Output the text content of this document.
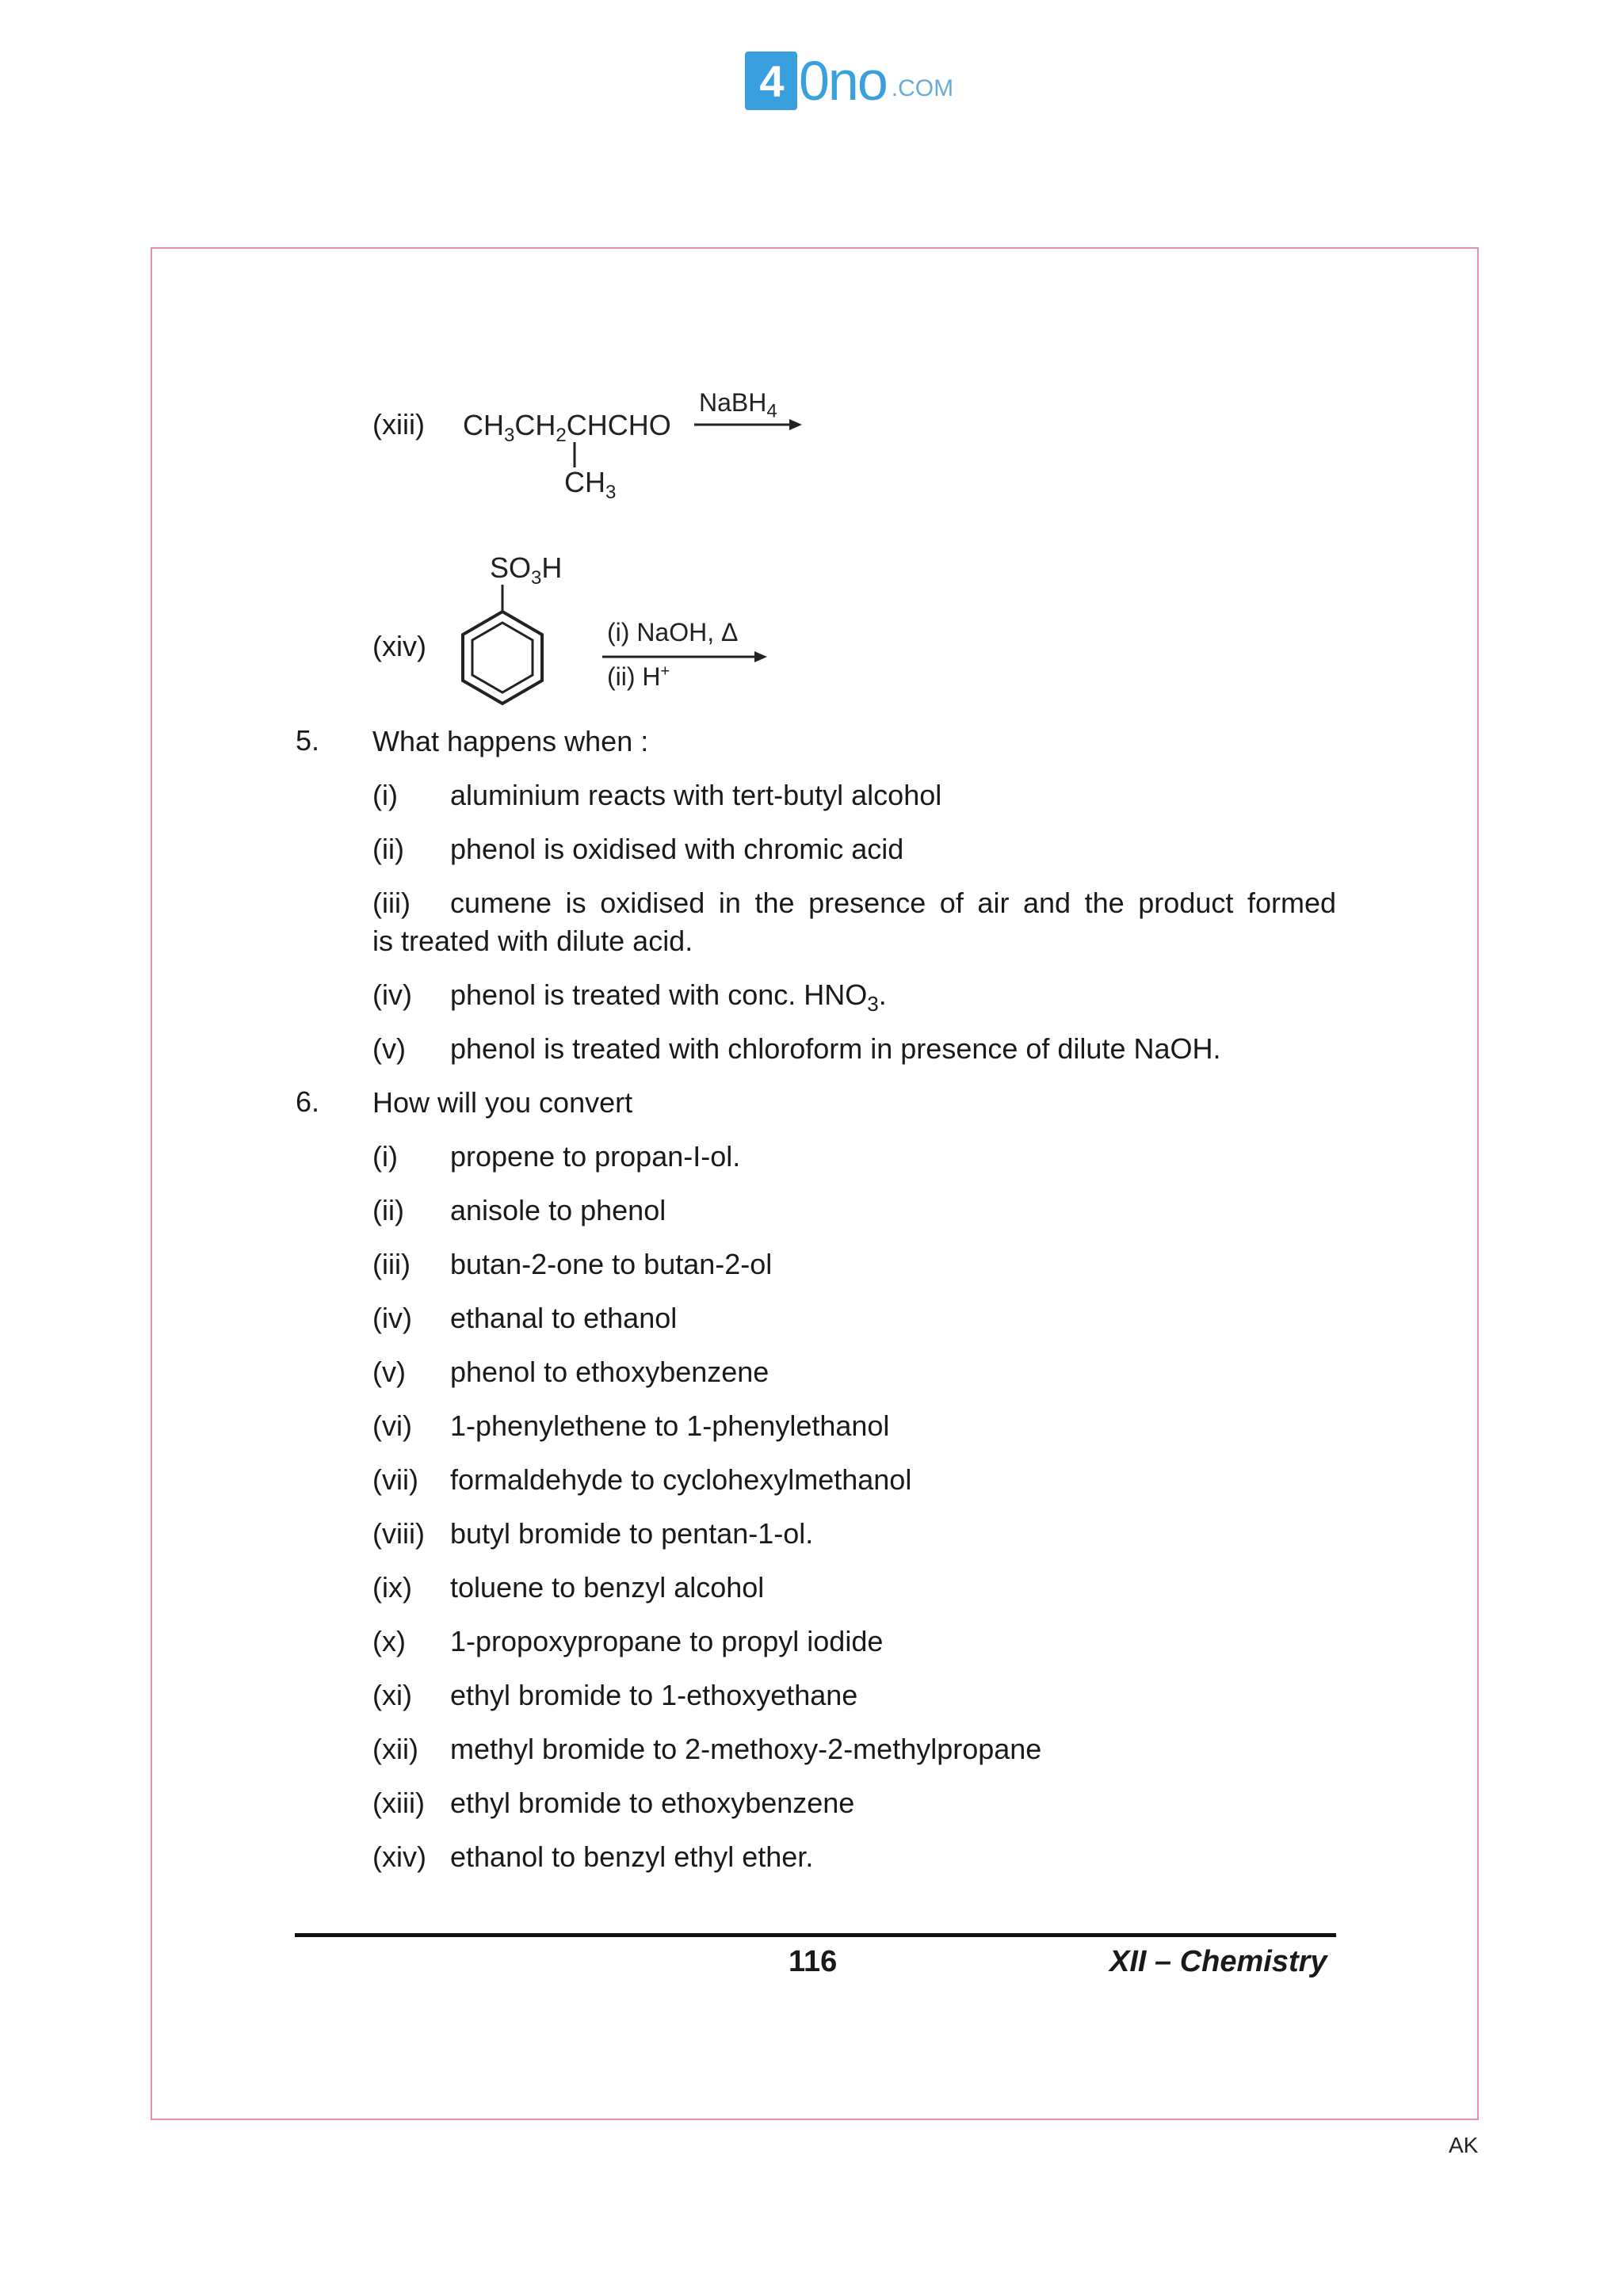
4 0no .COM
(xiii) $CH_3CH_2CHCHO$
$CH_3$
NaBH$_4$
$SO_3H$
(xiv)	(i) NaOH, Δ
(ii) H+
5. What happens when :
(i) aluminium reacts with tert-butyl alcohol
(ii) phenol is oxidised with chromic acid
(iii) cumene is oxidised in the presence of air and the product formed
is treated with dilute acid.
(iv) phenol is treated with conc. $HNO_3$.
(v) phenol is treated with chloroform in presence of dilute NaOH.
6. How will you convert
(i) propene to propan-I-ol.
(ii) anisole to phenol
(iii) butan-2-one to butan-2-ol
(iv) ethanal to ethanol
(v) phenol to ethoxybenzene
(vi) 1-phenylethene to 1-phenylethanol
(vii) formaldehyde to cyclohexylmethanol
(viii) butyl bromide to pentan-1-ol.
(ix) toluene to benzyl alcohol
(x) 1-propoxypropane to propyl iodide
(xi) ethyl bromide to 1-ethoxyethane
(xii) methyl bromide to 2-methoxy-2-methylpropane
(xiii) ethyl bromide to ethoxybenzene
(xiv) ethanol to benzyl ethyl ether.
116	XII – Chemistry
AK
